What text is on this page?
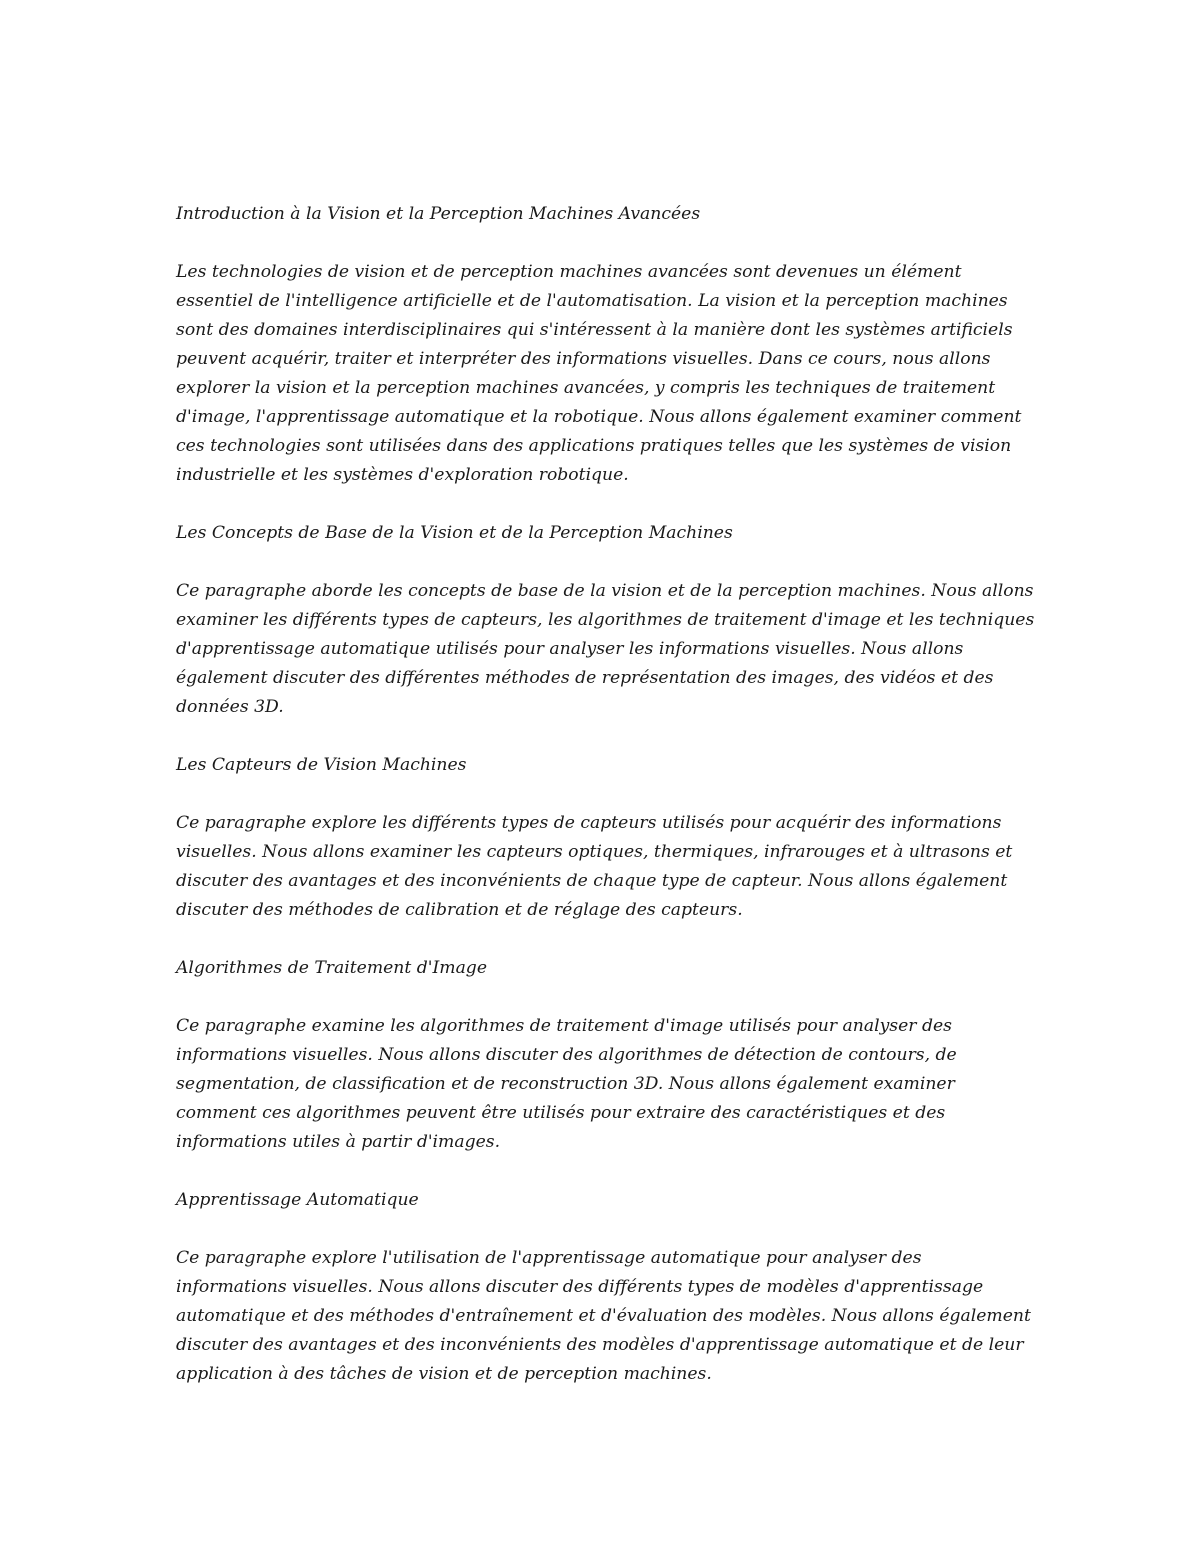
Introduction à la Vision et la Perception Machines Avancées

Les technologies de vision et de perception machines avancées sont devenues un élément essentiel de l'intelligence artificielle et de l'automatisation. La vision et la perception machines sont des domaines interdisciplinaires qui s'intéressent à la manière dont les systèmes artificiels peuvent acquérir, traiter et interpréter des informations visuelles. Dans ce cours, nous allons explorer la vision et la perception machines avancées, y compris les techniques de traitement d'image, l'apprentissage automatique et la robotique. Nous allons également examiner comment ces technologies sont utilisées dans des applications pratiques telles que les systèmes de vision industrielle et les systèmes d'exploration robotique.

Les Concepts de Base de la Vision et de la Perception Machines

Ce paragraphe aborde les concepts de base de la vision et de la perception machines. Nous allons examiner les différents types de capteurs, les algorithmes de traitement d'image et les techniques d'apprentissage automatique utilisés pour analyser les informations visuelles. Nous allons également discuter des différentes méthodes de représentation des images, des vidéos et des données 3D.

Les Capteurs de Vision Machines

Ce paragraphe explore les différents types de capteurs utilisés pour acquérir des informations visuelles. Nous allons examiner les capteurs optiques, thermiques, infrarouges et à ultrasons et discuter des avantages et des inconvénients de chaque type de capteur. Nous allons également discuter des méthodes de calibration et de réglage des capteurs.

Algorithmes de Traitement d'Image

Ce paragraphe examine les algorithmes de traitement d'image utilisés pour analyser des informations visuelles. Nous allons discuter des algorithmes de détection de contours, de segmentation, de classification et de reconstruction 3D. Nous allons également examiner comment ces algorithmes peuvent être utilisés pour extraire des caractéristiques et des informations utiles à partir d'images.

Apprentissage Automatique

Ce paragraphe explore l'utilisation de l'apprentissage automatique pour analyser des informations visuelles. Nous allons discuter des différents types de modèles d'apprentissage automatique et des méthodes d'entraînement et d'évaluation des modèles. Nous allons également discuter des avantages et des inconvénients des modèles d'apprentissage automatique et de leur application à des tâches de vision et de perception machines.
